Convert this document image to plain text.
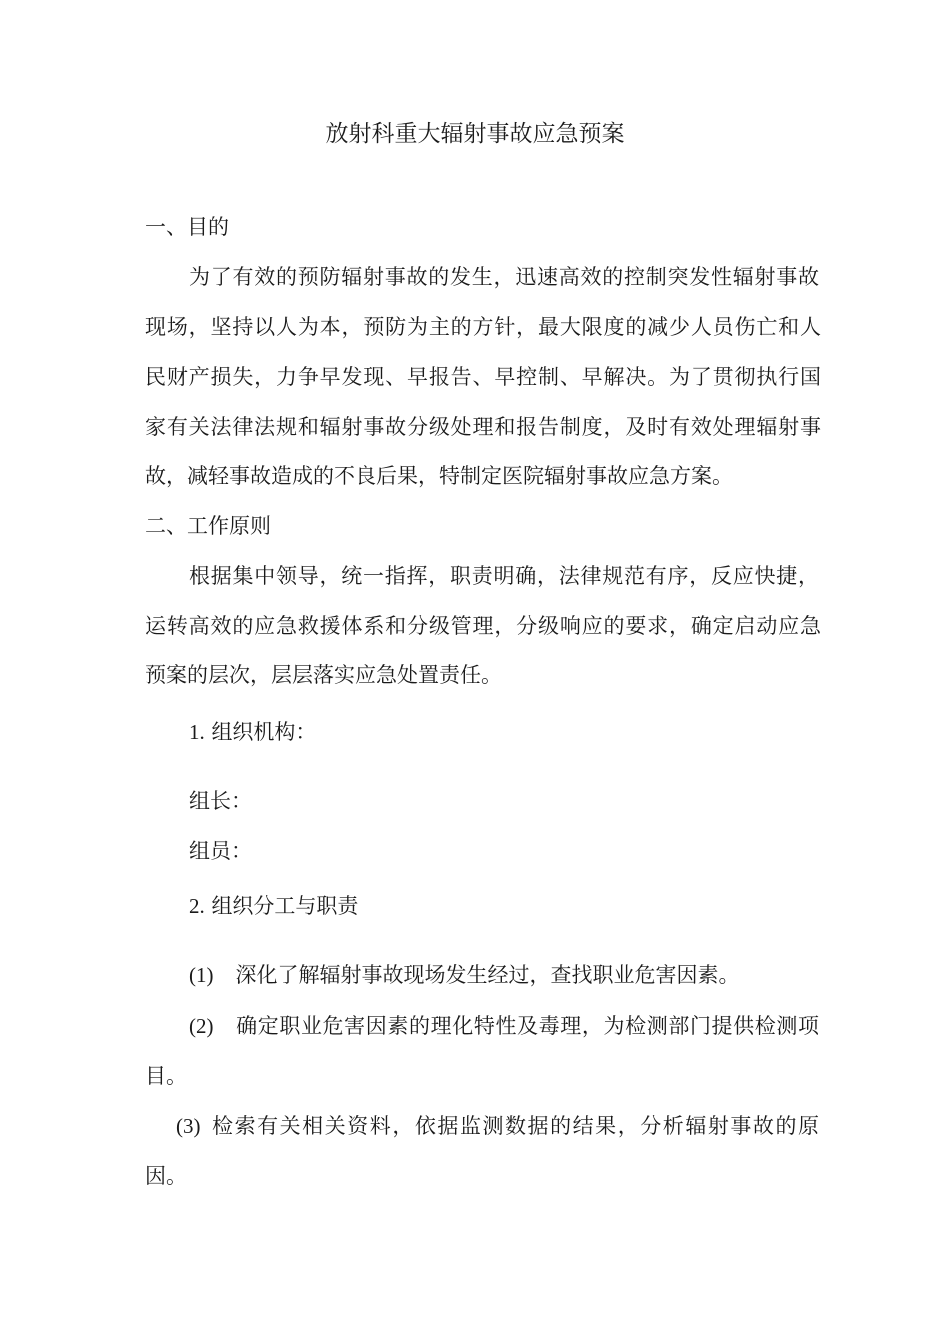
放射科重大辐射事故应急预案
一、目的
为了有效的预防辐射事故的发生，迅速高效的控制突发性辐射事故
现场，坚持以人为本，预防为主的方针，最大限度的减少人员伤亡和人
民财产损失，力争早发现、早报告、早控制、早解决。为了贯彻执行国
家有关法律法规和辐射事故分级处理和报告制度，及时有效处理辐射事
故，减轻事故造成的不良后果，特制定医院辐射事故应急方案。
二、工作原则
根据集中领导，统一指挥，职责明确，法律规范有序，反应快捷，
运转高效的应急救援体系和分级管理，分级响应的要求，确定启动应急
预案的层次，层层落实应急处置责任。
1. 组织机构：
组长：
组员：
2. 组织分工与职责
(1) 深化了解辐射事故现场发生经过，查找职业危害因素。
(2) 确定职业危害因素的理化特性及毒理，为检测部门提供检测项
目。
(3) 检索有关相关资料，依据监测数据的结果，分析辐射事故的原
因。
